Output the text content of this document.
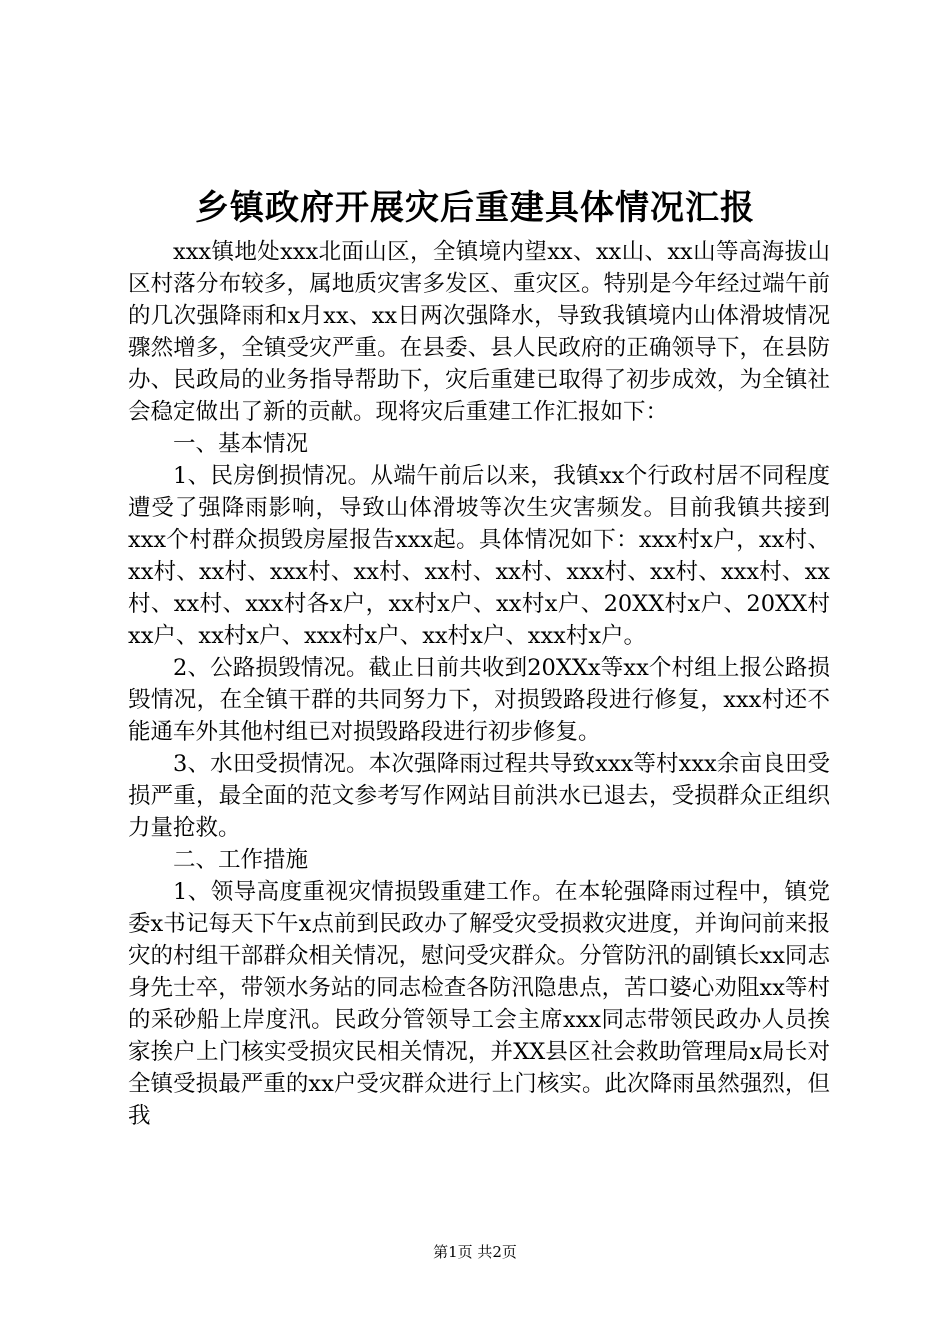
乡镇政府开展灾后重建具体情况汇报

xxx镇地处xxx北面山区，全镇境内望xx、xx山、xx山等高海拔山区村落分布较多，属地质灾害多发区、重灾区。特别是今年经过端午前的几次强降雨和x月xx、xx日两次强降水，导致我镇境内山体滑坡情况骤然增多，全镇受灾严重。在县委、县人民政府的正确领导下，在县防办、民政局的业务指导帮助下，灾后重建已取得了初步成效，为全镇社会稳定做出了新的贡献。现将灾后重建工作汇报如下：

一、基本情况

1、民房倒损情况。从端午前后以来，我镇xx个行政村居不同程度遭受了强降雨影响，导致山体滑坡等次生灾害频发。目前我镇共接到xxx个村群众损毁房屋报告xxx起。具体情况如下：xxx村x户，xx村、xx村、xx村、xxx村、xx村、xx村、xx村、xxx村、xx村、xxx村、xx村、xx村、xxx村各x户，xx村x户、xx村x户、20XX村x户、20XX村xx户、xx村x户、xxx村x户、xx村x户、xxx村x户。

2、公路损毁情况。截止日前共收到20XXx等xx个村组上报公路损毁情况，在全镇干群的共同努力下，对损毁路段进行修复，xxx村还不能通车外其他村组已对损毁路段进行初步修复。

3、水田受损情况。本次强降雨过程共导致xxx等村xxx余亩良田受损严重，最全面的范文参考写作网站目前洪水已退去，受损群众正组织力量抢救。

二、工作措施

1、领导高度重视灾情损毁重建工作。在本轮强降雨过程中，镇党委x书记每天下午x点前到民政办了解受灾受损救灾进度，并询问前来报灾的村组干部群众相关情况，慰问受灾群众。分管防汛的副镇长xx同志身先士卒，带领水务站的同志检查各防汛隐患点，苦口婆心劝阻xx等村的采砂船上岸度汛。民政分管领导工会主席xxx同志带领民政办人员挨家挨户上门核实受损灾民相关情况，并XX县区社会救助管理局x局长对全镇受损最严重的xx户受灾群众进行上门核实。此次降雨虽然强烈，但我

第1页 共2页
